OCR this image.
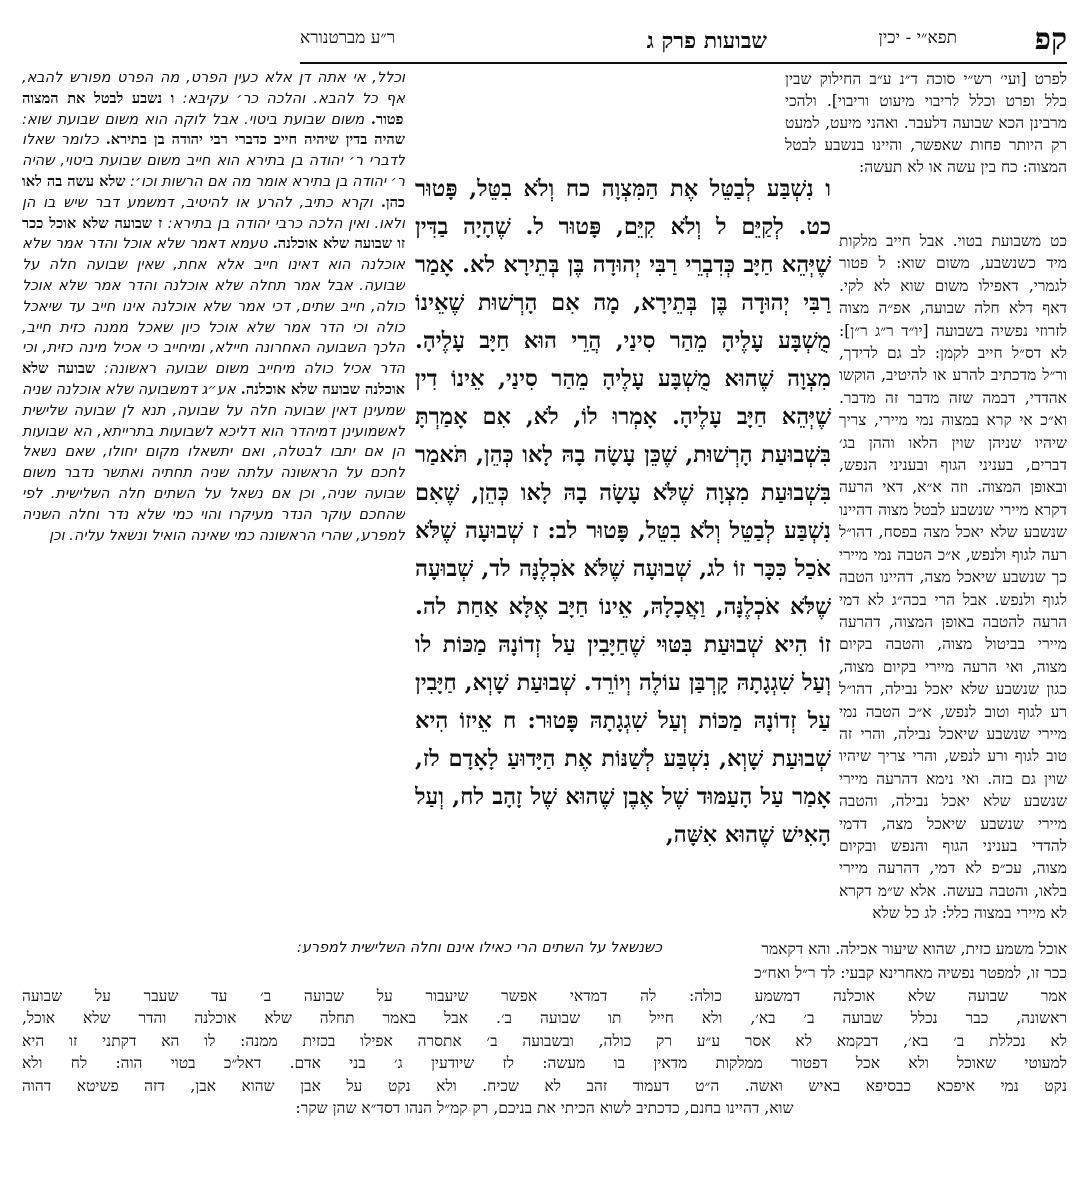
קפ
תפא״י - יכין
שבועות פרק ג
ר״ע מברטנורא
לפרט [ועי׳ רש״י סוכה ד״נ ע״ב החילוק שבין כלל ופרט וכלל לריבוי מיעוט וריבוי]. ולהכי מרבינן הכא שבועה דלעבר. ואהני מיעט, למעט רק היותר פחות שאפשר, והיינו בנשבע לבטל המצוה: כח בין עשה או לא תעשה:
כט משבועת בטוי. אבל חייב מלקות מיד כשנשבע, משום שוא: ל פטור לגמרי, דאפילו משום שוא לא לקי. דאף דלא חלה שבועה, אפ״ה מצוה לזרוזי נפשיה בשבועה [יו״ד ר״ג ר״ן]: לא דס״ל חייב לקמן: לב גם לדידך, ור״ל מדכתיב להרע או להיטיב, הוקשו אהדדי, דבמה שזה מדבר זה מדבר. וא״כ אי קרא במצוה נמי מיירי, צריך שיהיו שניהן שוין הלאו וההן בג׳ דברים, בעניני הגוף ובעניני הנפש, ובאופן המצוה. וזה א״א, דאי הרעה דקרא מיירי שנשבע לבטל מצוה דהיינו שנשבע שלא יאכל מצה בפסח, דהו״ל רעה לגוף ולנפש, א״כ הטבה נמי מיירי כך שנשבע שיאכל מצה, דהיינו הטבה לגוף ולנפש. אבל הרי בכה״ג לא דמי הרעה להטבה באופן המצוה, דהרעה מיירי בביטול מצוה, והטבה בקיום מצוה, ואי הרעה מיירי בקיום מצוה, כגון שנשבע שלא יאכל נבילה, דהו״ל רע לגוף וטוב לנפש, א״כ הטבה נמי מיירי שנשבע שיאכל נבילה, והרי זה טוב לגוף ורע לנפש, והרי צריך שיהיו שוין גם בזה. ואי נימא דהרעה מיירי שנשבע שלא יאכל נבילה, והטבה מיירי שנשבע שיאכל מצה, דדמי להדדי בעניני הגוף והנפש ובקיום מצוה, עכ״פ לא דמי, דהרעה מיירי בלאו, והטבה בעשה. אלא ש״מ דקרא לא מיירי במצוה כלל: לג כל שלא
ו נִשְׁבַּע לְבַטֵּל אֶת הַמִּצְוָה כח וְלֹא בִטֵּל, פָּטוּר כט. לְקַיֵּם ל וְלֹא קִיֵּם, פָּטוּר ל. שֶׁהָיָה בַדִּין שֶׁיְּהֵא חַיָּב כְּדִבְרֵי רַבִּי יְהוּדָה בֶּן בְּתֵירָא לא. אָמַר רַבִּי יְהוּדָה בֶּן בְּתֵירָא, מָה אִם הָרְשׁוּת שֶׁאֵינוֹ מֻשְׁבָּע עָלֶיהָ מֵהַר סִינַי, הֲרֵי הוּא חַיָּב עָלֶיהָ. מִצְוָה שֶׁהוּא מֻשְׁבָּע עָלֶיהָ מֵהַר סִינַי, אֵינוֹ דִין שֶׁיְּהֵא חַיָּב עָלֶיהָ. אָמְרוּ לוֹ, לֹא, אִם אָמַרְתָּ בִּשְׁבוּעַת הָרְשׁוּת, שֶׁכֵּן עָשָׂה בָהּ לָאו כְּהֵן, תֹּאמַר בִּשְׁבוּעַת מִצְוָה שֶׁלֹּא עָשָׂה בָהּ לָאו כְּהֵן, שֶׁאִם נִשְׁבַּע לְבַטֵּל וְלֹא בִטֵּל, פָּטוּר לב: ז שְׁבוּעָה שֶׁלֹּא אֹכַל כִּכָּר זוֹ לג, שְׁבוּעָה שֶׁלֹּא אֹכְלֶנָּה לד, שְׁבוּעָה שֶׁלֹּא אֹכְלֶנָּה, וַאֲכָלָהּ, אֵינוֹ חַיָּב אֶלָּא אַחַת לה. זוֹ הִיא שְׁבוּעַת בִּטּוּי שֶׁחַיָּבִין עַל זְדוֹנָהּ מַכּוֹת לו וְעַל שִׁגְגָתָהּ קָרְבַּן עוֹלֶה וְיוֹרֵד. שְׁבוּעַת שָׁוְא, חַיָּבִין עַל זְדוֹנָהּ מַכּוֹת וְעַל שִׁגְגָתָהּ פָּטוּר: ח אֵיזוֹ הִיא שְׁבוּעַת שָׁוְא, נִשְׁבַּע לְשַׁנּוֹת אֶת הַיָּדוּעַ לָאָדָם לז, אָמַר עַל הָעַמּוּד שֶׁל אֶבֶן שֶׁהוּא שֶׁל זָהָב לח, וְעַל הָאִישׁ שֶׁהוּא אִשָּׁה,
וכלל, אי אתה דן אלא כעין הפרט, מה הפרט מפורש להבא, אף כל להבא. והלכה כר׳ עקיבא: ו נשבע לבטל את המצוה פטור. משום שבועת ביטוי. אבל לוקה הוא משום שבועת שוא: שהיה בדין שיהיה חייב כדברי רבי יהודה בן בתירא. כלומר שאלו לדברי ר׳ יהודה בן בתירא הוא חייב משום שבועת ביטוי, שהיה ר׳ יהודה בן בתירא אומר מה אם הרשות וכו׳: שלא עשה בה לאו כהן. וקרא כתיב, להרע או להיטיב, דמשמע דבר שיש בו הן ולאו. ואין הלכה כרבי יהודה בן בתירא: ז שבועה שלא אוכל ככר זו שבועה שלא אוכלנה. טעמא דאמר שלא אוכל והדר אמר שלא אוכלנה הוא דאינו חייב אלא אחת, שאין שבועה חלה על שבועה. אבל אמר תחלה שלא אוכלנה והדר אמר שלא אוכל כולה, חייב שתים, דכי אמר שלא אוכלנה אינו חייב עד שיאכל כולה וכי הדר אמר שלא אוכל כיון שאכל ממנה כזית חייב, הלכך השבועה האחרונה חיילא, ומיחייב כי אכיל מינה כזית, וכי הדר אכיל כולה מיחייב משום שבועה ראשונה: שבועה שלא אוכלנה שבועה שלא אוכלנה. אע״ג דמשבועה שלא אוכלנה שניה שמעינן דאין שבועה חלה על שבועה, תנא לן שבועה שלישית לאשמועינן דמיהדר הוא דליכא לשבועות בתרייתא, הא שבועות הן אם יתבו לבטלה, ואם יתשאלו מקום יחולו, שאם נשאל לחכם על הראשונה עלתה שניה תחתיה ואתשר נדבר משום שבועה שניה, וכן אם נשאל על השתים חלה השלישית. לפי שהחכם עוקר הנדר מעיקרו והוי כמי שלא נדר וחלה השניה למפרע, שהרי הראשונה כמי שאינה הואיל ונשאל עליה. וכן
אוכל משמע כזית, שהוא שיעור אכילה. והא דקאמר
כשנשאל על השתים הרי כאילו אינם וחלה השלישית למפרע:
ככר זו, למפטר נפשיה מאחרינא קבעי: לד ר״ל ואח״כ
אמר שבועה שלא אוכלנה דמשמע כולה: לה דמדאי אפשר שיעבור על שבועה ב׳ עד שעבר על שבועה
ראשונה, כבר נכלל שבועה ב׳ בא׳, ולא חייל תו שבועה ב׳. אבל באמר תחלה שלא אוכלנה והדר שלא אוכל,
לא נכללת ב׳ בא׳, דבקמא לא אסר ע״ע רק כולה, ובשבועה ב׳ אתסרה אפילו בכזית ממנה: לו הא דקתני זו היא
למעוטי שאוכל ולא אכל דפטור ממלקות מדאין בו מעשה: לז שיודעין ג׳ בני אדם. דאל״כ בטוי הוה: לח ולא
נקט נמי איפכא כבסיפא באיש ואשה. ה״ט דעמוד זהב לא שכיח. ולא נקט על אבן שהוא אבן, דזה פשיטא דהוה
שוא, דהיינו בחנם, כדכתיב לשוא הכיתי את בניכם, רק קמ״ל הנהו דסד״א שהן שקר:
